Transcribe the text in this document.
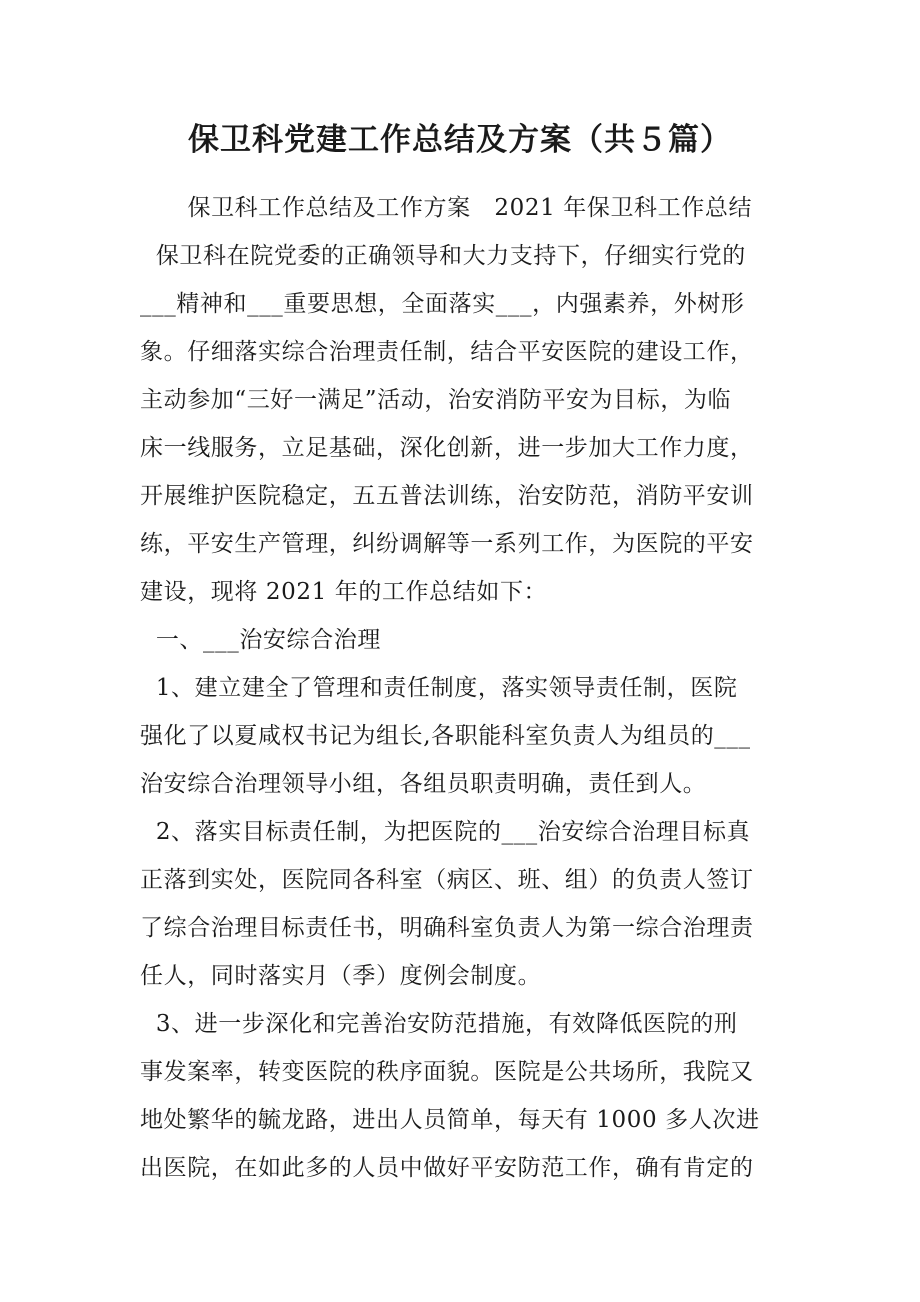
保卫科党建工作总结及方案（共５篇）
保卫科工作总结及工作方案   2021 年保卫科工作总结
保卫科在院党委的正确领导和大力支持下，仔细实行党的
___精神和___重要思想，全面落实___，内强素养，外树形
象。仔细落实综合治理责任制，结合平安医院的建设工作，
主动参加“三好一满足”活动，治安消防平安为目标，为临
床一线服务，立足基础，深化创新，进一步加大工作力度，
开展维护医院稳定，五五普法训练，治安防范，消防平安训
练，平安生产管理，纠纷调解等一系列工作，为医院的平安
建设，现将 2021 年的工作总结如下：
一、___治安综合治理
1、建立建全了管理和责任制度，落实领导责任制，医院
强化了以夏咸权书记为组长,各职能科室负责人为组员的___
治安综合治理领导小组，各组员职责明确，责任到人。
2、落实目标责任制，为把医院的___治安综合治理目标真
正落到实处，医院同各科室（病区、班、组）的负责人签订
了综合治理目标责任书，明确科室负责人为第一综合治理责
任人，同时落实月（季）度例会制度。
3、进一步深化和完善治安防范措施，有效降低医院的刑
事发案率，转变医院的秩序面貌。医院是公共场所，我院又
地处繁华的毓龙路，进出人员简单，每天有 1000 多人次进
出医院，在如此多的人员中做好平安防范工作，确有肯定的
